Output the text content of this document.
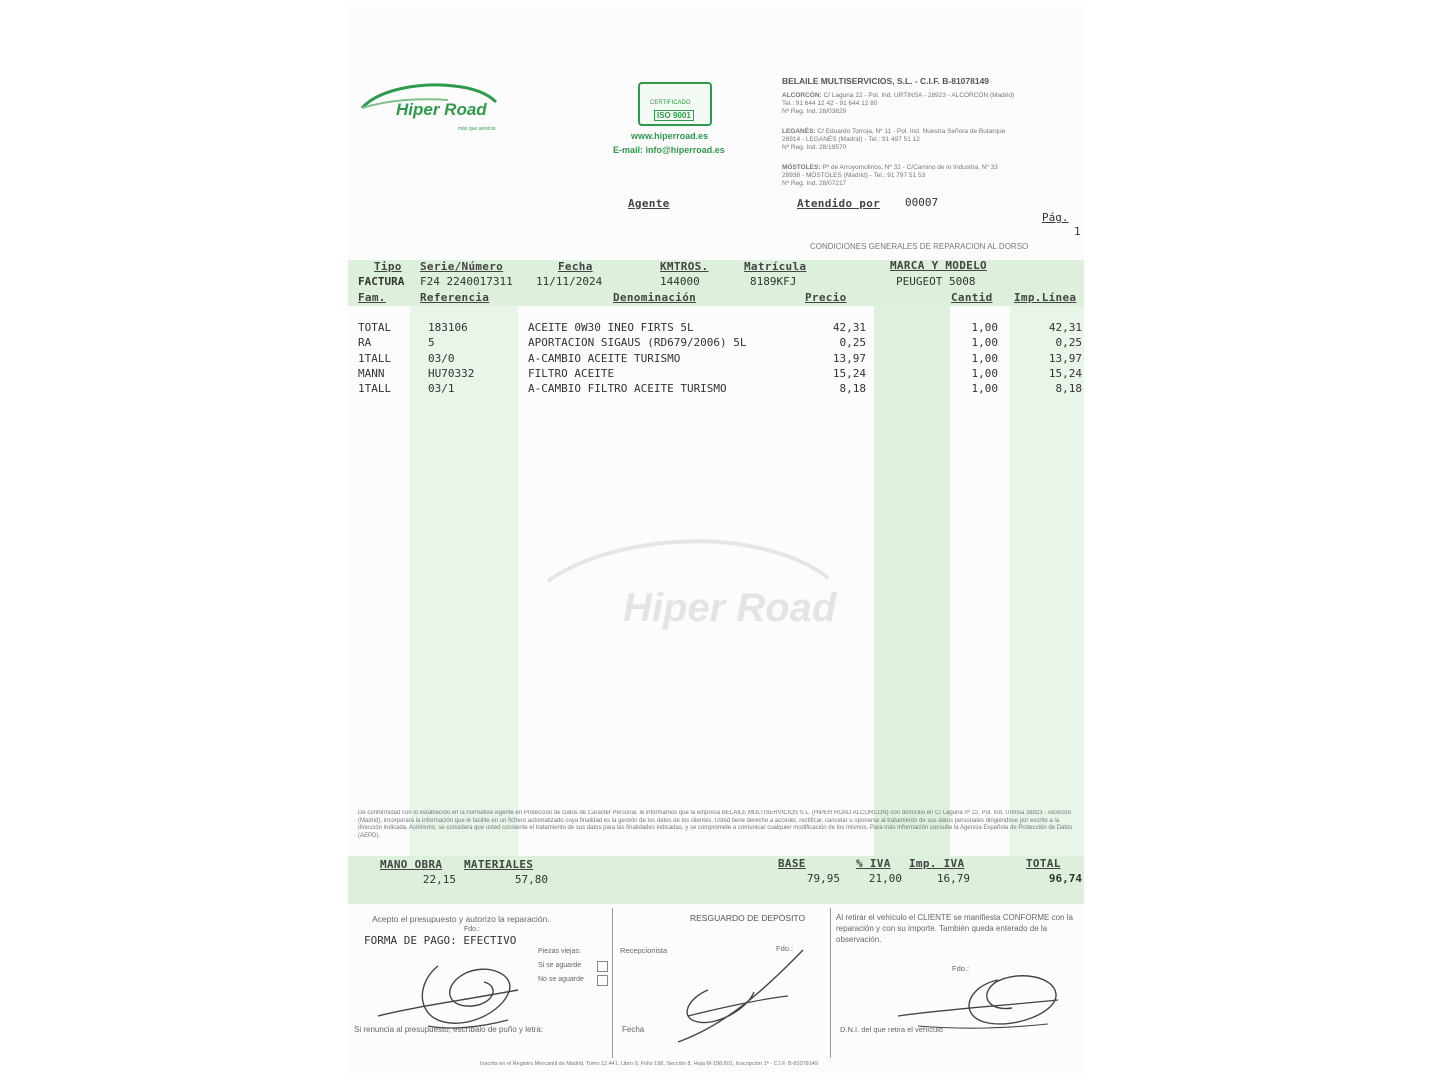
Hiper Road
Hiper Road
más que servicio
CERTIFICADO
ISO 9001
www.hiperroad.es
E-mail: info@hiperroad.es
BELAILE MULTISERVICIOS, S.L. - C.I.F. B-81078149
ALCORCÓN: C/ Laguna 22 - Pol. Ind. URTINSA - 28923 - ALCORCÓN (Madrid)
Tel.: 91 644 12 42 - 91 644 12 80
Nº Reg. Ind. 28/03629
LEGANÉS: C/ Eduardo Torroja, Nº 11 - Pol. Ind. Nuestra Señora de Butarque
28914 - LEGANÉS (Madrid) - Tel.: 91 497 51 12
Nº Reg. Ind. 28/19570
MÓSTOLES: Pº de Arroyomolinos, Nº 32 - C/Camino de lo Industria, Nº 33
28938 - MÓSTOLES (Madrid) - Tel.: 91 797 51 53
Nº Reg. Ind. 28/07217
Agente	Atendido por 00007
Pág.
1
CONDICIONES GENERALES DE REPARACION AL DORSO
Tipo Serie/Número	Fecha	KMTROS.	Matrícula	MARCA Y MODELO
FACTURA F24 2240017311 11/11/2024	144000	8189KFJ	PEUGEOT 5008
Fam.	Referencia	Denominación	Precio	Cantid Imp.Línea
TOTAL	183106	ACEITE 0W30 INEO FIRTS 5L	42,31	1,00	42,31
RA	5	APORTACION SIGAUS (RD679/2006) 5L	0,25	1,00	0,25
1TALL	03/0	A-CAMBIO ACEITE TURISMO	13,97	1,00	13,97
MANN	HU70332	FILTRO ACEITE	15,24	1,00	15,24
1TALL	03/1	A-CAMBIO FILTRO ACEITE TURISMO	8,18	1,00	8,18
De conformidad con lo establecido en la normativa vigente en Protección de Datos de Carácter Personal, le informamos que la empresa BELAILE MULTISERVICIOS S.L. (HIPER ROAD ALCORCÓN) con domicilio en C/ Laguna nº 22, Pol. Ind. Urtinsa 28923 - Alcorcón (Madrid), incorporará la información que le facilite en un fichero automatizado cuya finalidad es la gestión de los datos de los clientes. Usted tiene derecho a acceder, rectificar, cancelar u oponerse al tratamiento de sus datos personales dirigiéndose por escrito a la dirección indicada. Asimismo, se considera que usted consiente el tratamiento de sus datos para las finalidades indicadas, y se compromete a comunicar cualquier modificación de los mismos. Para más información consulte la Agencia Española de Protección de Datos (AEPD).
MANO OBRA MATERIALES
22,15	57,80
BASE	% IVA Imp. IVA	TOTAL
79,95	21,00	16,79	96,74
Acepto el presupuesto y autorizo la reparación.
Fdo.:
FORMA DE PAGO: EFECTIVO
Piezas viejas:
Si se aguarde
No se aguarde
Si renuncia al presupuesto, escríbalo de puño y letra:
RESGUARDO DE DEPÓSITO
Recepcionista	Fdo.:
Fecha
Al retirar el vehículo el CLIENTE se manifiesta CONFORME con la reparación y con su importe. También queda enterado de la observación.
Fdo.:
D.N.I. del que retira el vehículo
Inscrita en el Registro Mercantil de Madrid, Tomo 12.441, Libro 0, Folio 198, Sección 8, Hoja M-198.601, Inscripción 1ª - C.I.F. B-81078149
